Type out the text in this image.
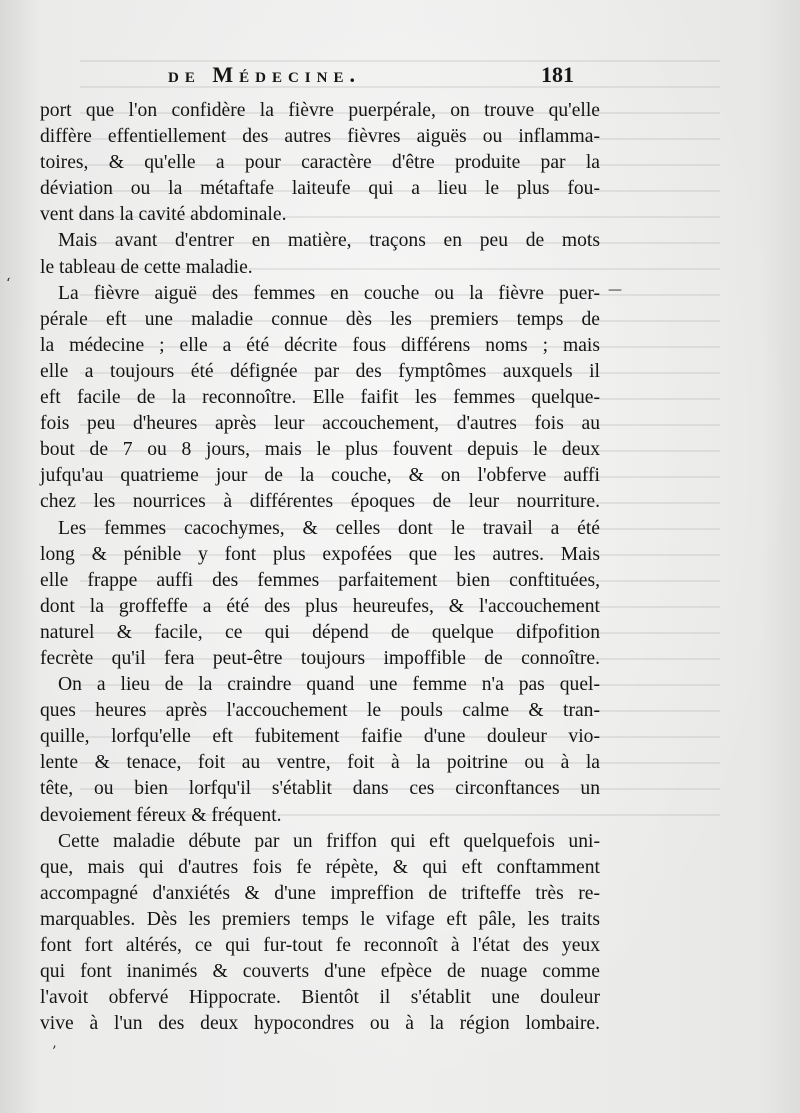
de Médecine.	181
port que l'on confidère la fièvre puerpérale, on trouve qu'elle
diffère effentiellement des autres fièvres aiguës ou inflamma-
toires, & qu'elle a pour caractère d'être produite par la
déviation ou la métaftafe laiteufe qui a lieu le plus fou-
vent dans la cavité abdominale.
Mais avant d'entrer en matière, traçons en peu de mots
le tableau de cette maladie.
La fièvre aiguë des femmes en couche ou la fièvre puer-
pérale eft une maladie connue dès les premiers temps de
la médecine ; elle a été décrite fous différens noms ; mais
elle a toujours été défignée par des fymptômes auxquels il
eft facile de la reconnoître. Elle faifit les femmes quelque-
fois peu d'heures après leur accouchement, d'autres fois au
bout de 7 ou 8 jours, mais le plus fouvent depuis le deux
jufqu'au quatrieme jour de la couche, & on l'obferve auffi
chez les nourrices à différentes époques de leur nourriture.
Les femmes cacochymes, & celles dont le travail a été
long & pénible y font plus expofées que les autres. Mais
elle frappe auffi des femmes parfaitement bien conftituées,
dont la groffeffe a été des plus heureufes, & l'accouchement
naturel & facile, ce qui dépend de quelque difpofition
fecrète qu'il fera peut-être toujours impoffible de connoître.
On a lieu de la craindre quand une femme n'a pas quel-
ques heures après l'accouchement le pouls calme & tran-
quille, lorfqu'elle eft fubitement faifie d'une douleur vio-
lente & tenace, foit au ventre, foit à la poitrine ou à la
tête, ou bien lorfqu'il s'établit dans ces circonftances un
devoiement féreux & fréquent.
Cette maladie débute par un friffon qui eft quelquefois uni-
que, mais qui d'autres fois fe répète, & qui eft conftamment
accompagné d'anxiétés & d'une impreffion de trifteffe très re-
marquables. Dès les premiers temps le vifage eft pâle, les traits
font fort altérés, ce qui fur-tout fe reconnoît à l'état des yeux
qui font inanimés & couverts d'une efpèce de nuage comme
l'avoit obfervé Hippocrate. Bientôt il s'établit une douleur
vive à l'un des deux hypocondres ou à la région lombaire.
‘	—
’
